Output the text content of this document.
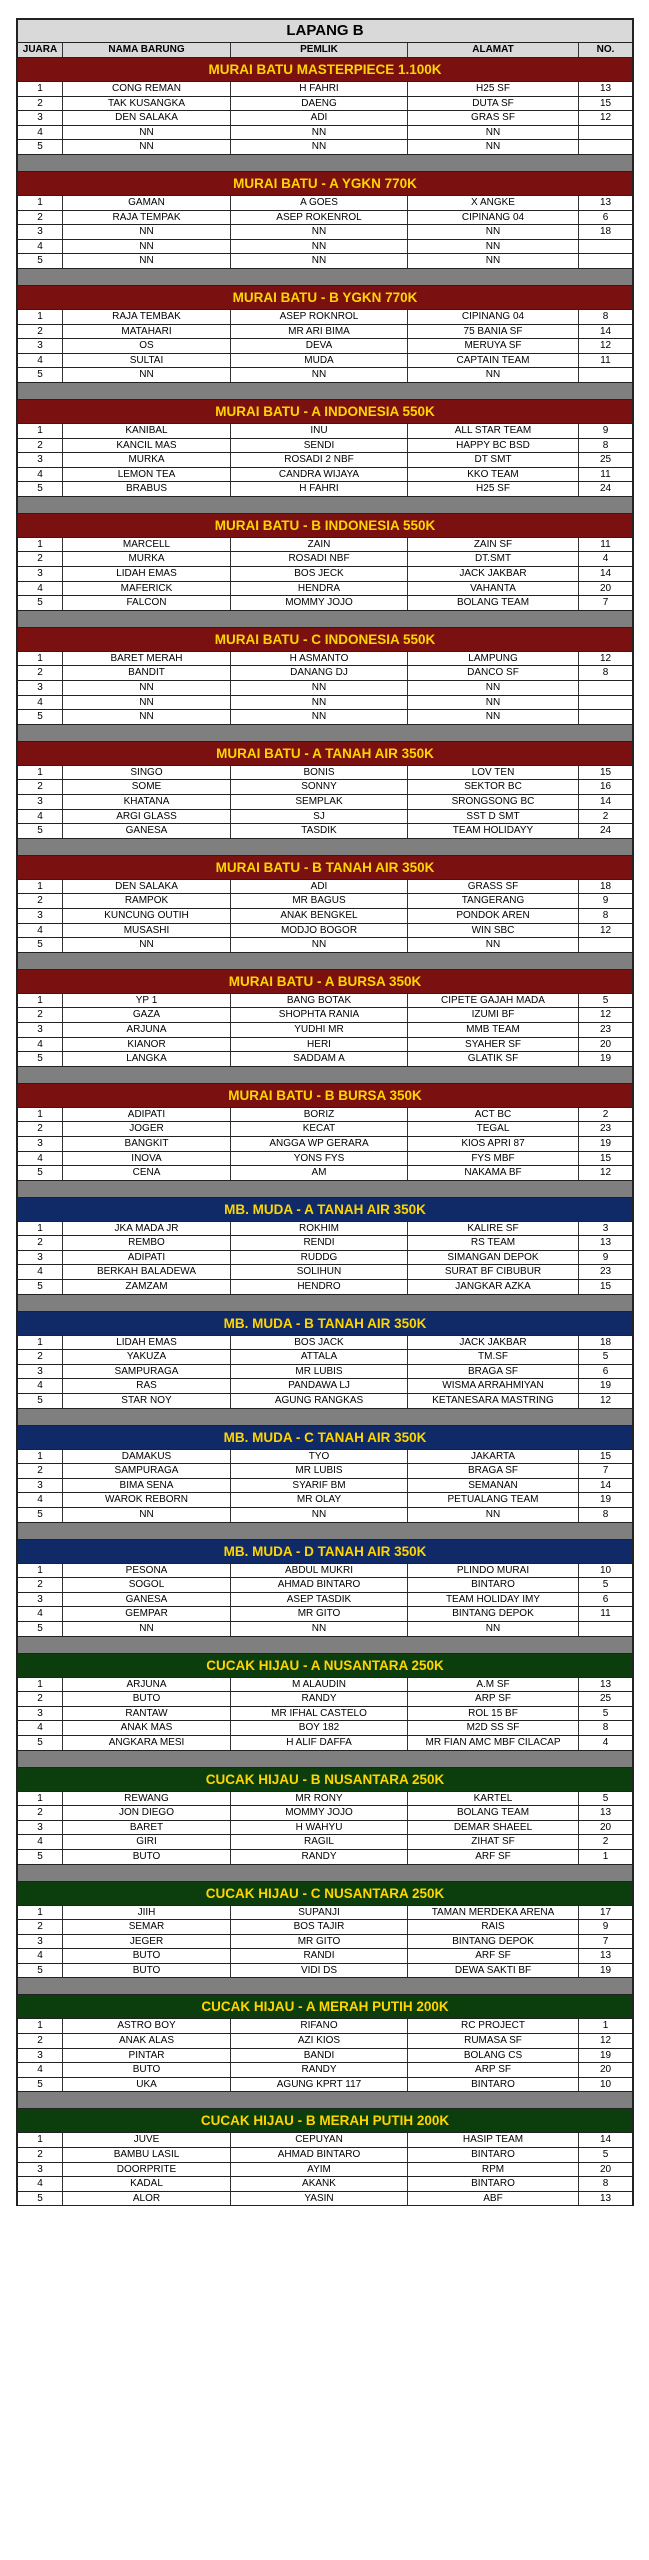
LAPANG B
JUARA	NAMA BARUNG	PEMLIK	ALAMAT	NO.
MURAI BATU MASTERPIECE 1.100K
1	CONG REMAN	H FAHRI	H25 SF	13
2	TAK KUSANGKA	DAENG	DUTA SF	15
3	DEN SALAKA	ADI	GRAS SF	12
4	NN	NN	NN
5	NN	NN	NN
MURAI BATU - A YGKN 770K
1	GAMAN	A GOES	X ANGKE	13
2	RAJA TEMPAK	ASEP ROKENROL	CIPINANG 04	6
3	NN	NN	NN	18
4	NN	NN	NN
5	NN	NN	NN
MURAI BATU - B YGKN 770K
1	RAJA TEMBAK	ASEP ROKNROL	CIPINANG 04	8
2	MATAHARI	MR ARI BIMA	75 BANIA SF	14
3	OS	DEVA	MERUYA SF	12
4	SULTAI	MUDA	CAPTAIN TEAM	11
5	NN	NN	NN
MURAI BATU - A INDONESIA 550K
1	KANIBAL	INU	ALL STAR TEAM	9
2	KANCIL MAS	SENDI	HAPPY BC BSD	8
3	MURKA	ROSADI 2 NBF	DT SMT	25
4	LEMON TEA	CANDRA WIJAYA	KKO TEAM	11
5	BRABUS	H FAHRI	H25 SF	24
MURAI BATU - B INDONESIA 550K
1	MARCELL	ZAIN	ZAIN SF	11
2	MURKA	ROSADI NBF	DT.SMT	4
3	LIDAH EMAS	BOS JECK	JACK JAKBAR	14
4	MAFERICK	HENDRA	VAHANTA	20
5	FALCON	MOMMY JOJO	BOLANG TEAM	7
MURAI BATU - C INDONESIA 550K
1	BARET MERAH	H ASMANTO	LAMPUNG	12
2	BANDIT	DANANG DJ	DANCO SF	8
3	NN	NN	NN
4	NN	NN	NN
5	NN	NN	NN
MURAI BATU - A TANAH AIR 350K
1	SINGO	BONIS	LOV TEN	15
2	SOME	SONNY	SEKTOR BC	16
3	KHATANA	SEMPLAK	SRONGSONG BC	14
4	ARGI GLASS	SJ	SST D SMT	2
5	GANESA	TASDIK	TEAM HOLIDAYY	24
MURAI BATU - B TANAH AIR 350K
1	DEN SALAKA	ADI	GRASS SF	18
2	RAMPOK	MR BAGUS	TANGERANG	9
3	KUNCUNG OUTIH	ANAK BENGKEL	PONDOK AREN	8
4	MUSASHI	MODJO BOGOR	WIN SBC	12
5	NN	NN	NN
MURAI BATU - A BURSA 350K
1	YP 1	BANG BOTAK	CIPETE GAJAH MADA	5
2	GAZA	SHOPHTA RANIA	IZUMI BF	12
3	ARJUNA	YUDHI MR	MMB TEAM	23
4	KIANOR	HERI	SYAHER SF	20
5	LANGKA	SADDAM A	GLATIK SF	19
MURAI BATU - B BURSA 350K
1	ADIPATI	BORIZ	ACT BC	2
2	JOGER	KECAT	TEGAL	23
3	BANGKIT	ANGGA WP GERARA	KIOS APRI 87	19
4	INOVA	YONS FYS	FYS MBF	15
5	CENA	AM	NAKAMA BF	12
MB. MUDA - A TANAH AIR 350K
1	JKA MADA JR	ROKHIM	KALIRE SF	3
2	REMBO	RENDI	RS TEAM	13
3	ADIPATI	RUDDG	SIMANGAN DEPOK	9
4	BERKAH BALADEWA	SOLIHUN	SURAT BF CIBUBUR	23
5	ZAMZAM	HENDRO	JANGKAR AZKA	15
MB. MUDA - B TANAH AIR 350K
1	LIDAH EMAS	BOS JACK	JACK JAKBAR	18
2	YAKUZA	ATTALA	TM.SF	5
3	SAMPURAGA	MR LUBIS	BRAGA SF	6
4	RAS	PANDAWA LJ	WISMA ARRAHMIYAN	19
5	STAR NOY	AGUNG RANGKAS	KETANESARA MASTRING	12
MB. MUDA - C TANAH AIR 350K
1	DAMAKUS	TYO	JAKARTA	15
2	SAMPURAGA	MR LUBIS	BRAGA SF	7
3	BIMA SENA	SYARIF BM	SEMANAN	14
4	WAROK REBORN	MR OLAY	PETUALANG TEAM	19
5	NN	NN	NN	8
MB. MUDA - D TANAH AIR 350K
1	PESONA	ABDUL MUKRI	PLINDO MURAI	10
2	SOGOL	AHMAD BINTARO	BINTARO	5
3	GANESA	ASEP TASDIK	TEAM HOLIDAY IMY	6
4	GEMPAR	MR GITO	BINTANG DEPOK	11
5	NN	NN	NN
CUCAK HIJAU - A NUSANTARA 250K
1	ARJUNA	M ALAUDIN	A.M SF	13
2	BUTO	RANDY	ARP SF	25
3	RANTAW	MR IFHAL CASTELO	ROL 15 BF	5
4	ANAK MAS	BOY 182	M2D SS SF	8
5	ANGKARA MESI	H ALIF DAFFA	MR FIAN AMC MBF CILACAP	4
CUCAK HIJAU - B NUSANTARA 250K
1	REWANG	MR RONY	KARTEL	5
2	JON DIEGO	MOMMY JOJO	BOLANG TEAM	13
3	BARET	H WAHYU	DEMAR SHAEEL	20
4	GIRI	RAGIL	ZIHAT SF	2
5	BUTO	RANDY	ARF SF	1
CUCAK HIJAU - C NUSANTARA 250K
1	JIIH	SUPANJI	TAMAN MERDEKA ARENA	17
2	SEMAR	BOS TAJIR	RAIS	9
3	JEGER	MR GITO	BINTANG DEPOK	7
4	BUTO	RANDI	ARF SF	13
5	BUTO	VIDI DS	DEWA SAKTI BF	19
CUCAK HIJAU - A MERAH PUTIH 200K
1	ASTRO BOY	RIFANO	RC PROJECT	1
2	ANAK ALAS	AZI KIOS	RUMASA SF	12
3	PINTAR	BANDI	BOLANG CS	19
4	BUTO	RANDY	ARP SF	20
5	UKA	AGUNG KPRT 117	BINTARO	10
CUCAK HIJAU - B MERAH PUTIH 200K
1	JUVE	CEPUYAN	HASIP TEAM	14
2	BAMBU LASIL	AHMAD BINTARO	BINTARO	5
3	DOORPRITE	AYIM	RPM	20
4	KADAL	AKANK	BINTARO	8
5	ALOR	YASIN	ABF	13
